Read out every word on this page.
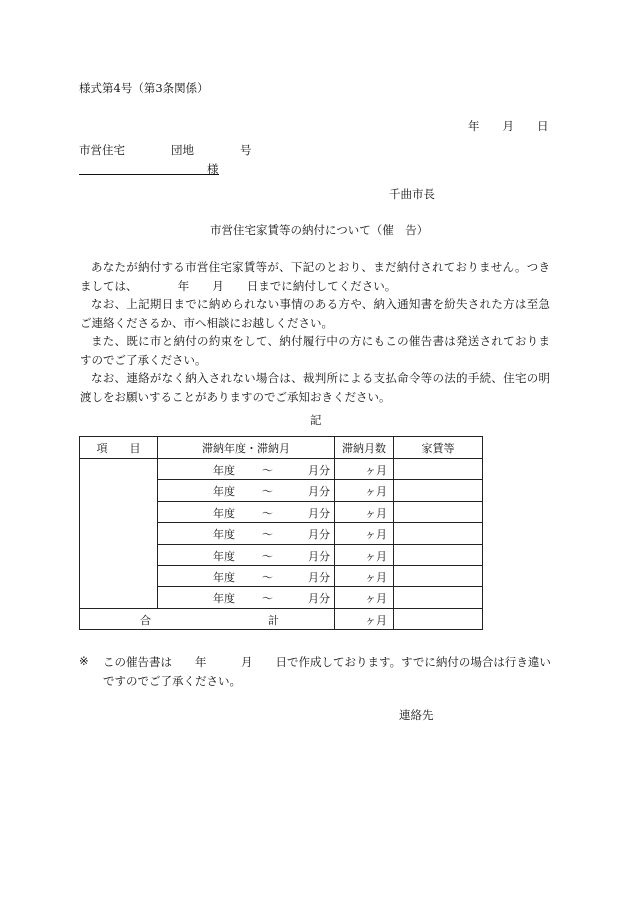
様式第4号（第3条関係）
年　　月　　日
市営住宅　　　　団地　　　　号
様
千曲市長
市営住宅家賃等の納付について（催　告）
あなたが納付する市営住宅家賃等が、下記のとおり、まだ納付されておりません。つきましては、　　　　年　　月　　日までに納付してください。
なお、上記期日までに納められない事情のある方や、納入通知書を紛失された方は至急ご連絡くださるか、市へ相談にお越しください。
また、既に市と納付の約束をして、納付履行中の方にもこの催告書は発送されておりますのでご了承ください。
なお、連絡がなく納入されない場合は、裁判所による支払命令等の法的手続、住宅の明渡しをお願いすることがありますのでご承知おきください。
記
項　　目	滞納年度・滞納月	滞納月数	家賃等

	年度 〜 月分	ヶ月	

	年度 〜 月分	ヶ月	

	年度 〜 月分	ヶ月	

	年度 〜 月分	ヶ月	

	年度 〜 月分	ヶ月	

	年度 〜 月分	ヶ月	

	年度 〜 月分	ヶ月	

合 計		ヶ月	

※ この催告書は　　年　　　月　　日で作成しております。すでに納付の場合は行き違いですのでご了承ください。
連絡先
